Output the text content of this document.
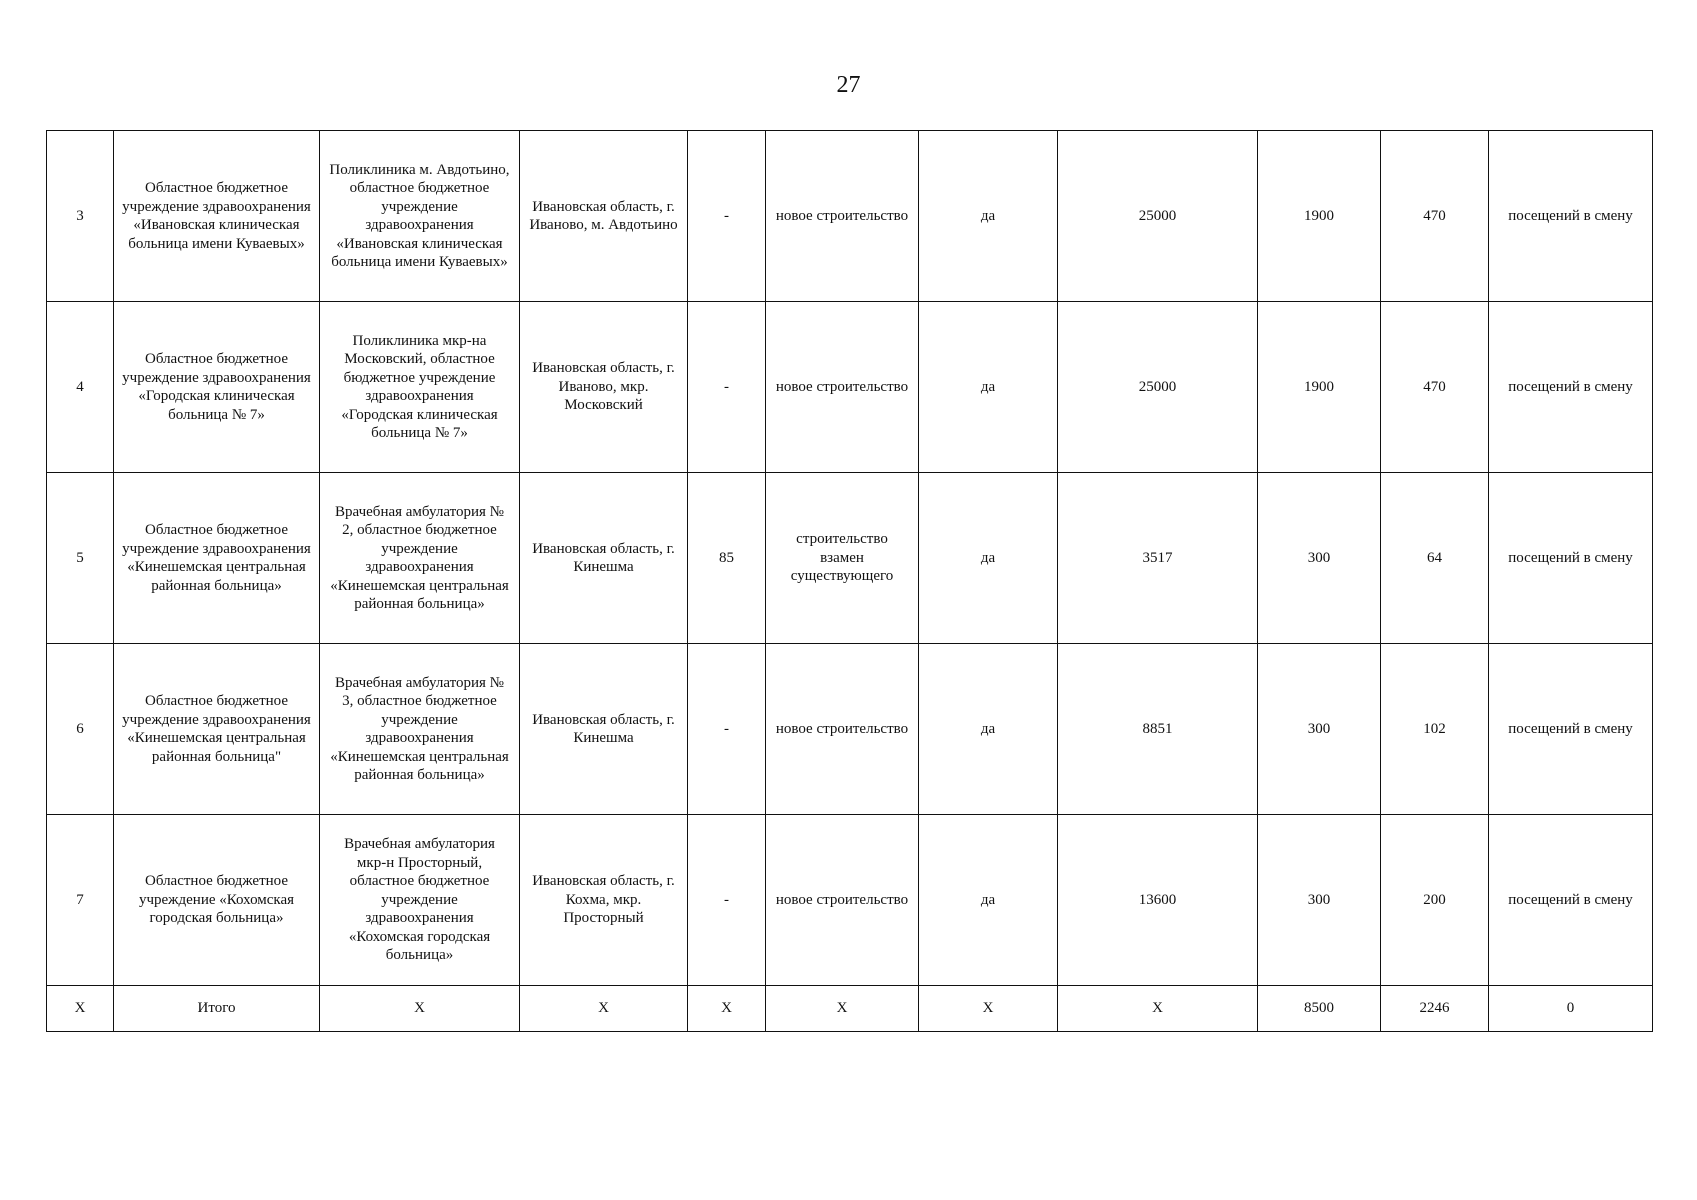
27
3	Областное бюджетное учреждение здравоохранения «Ивановская клиническая больница имени Куваевых»	Поликлиника м. Авдотьино, областное бюджетное учреждение здравоохранения «Ивановская клиническая больница имени Куваевых»	Ивановская область, г. Иваново, м. Авдотьино	-	новое строительство	да	25000	1900	470	посещений в смену
4	Областное бюджетное учреждение здравоохранения «Городская клиническая больница № 7»	Поликлиника мкр-на Московский, областное бюджетное учреждение здравоохранения «Городская клиническая больница № 7»	Ивановская область, г. Иваново, мкр. Московский	-	новое строительство	да	25000	1900	470	посещений в смену
5	Областное бюджетное учреждение здравоохранения «Кинешемская центральная районная больница»	Врачебная амбулатория № 2, областное бюджетное учреждение здравоохранения «Кинешемская центральная районная больница»	Ивановская область, г. Кинешма	85	строительство взамен существующего	да	3517	300	64	посещений в смену
6	Областное бюджетное учреждение здравоохранения «Кинешемская центральная районная больница"	Врачебная амбулатория № 3, областное бюджетное учреждение здравоохранения «Кинешемская центральная районная больница»	Ивановская область, г. Кинешма	-	новое строительство	да	8851	300	102	посещений в смену
7	Областное бюджетное учреждение «Кохомская городская больница»	Врачебная амбулатория мкр-н Просторный, областное бюджетное учреждение здравоохранения «Кохомская городская больница»	Ивановская область, г. Кохма, мкр. Просторный	-	новое строительство	да	13600	300	200	посещений в смену
X	Итого	X	X	X	X	X	X	8500	2246	0
